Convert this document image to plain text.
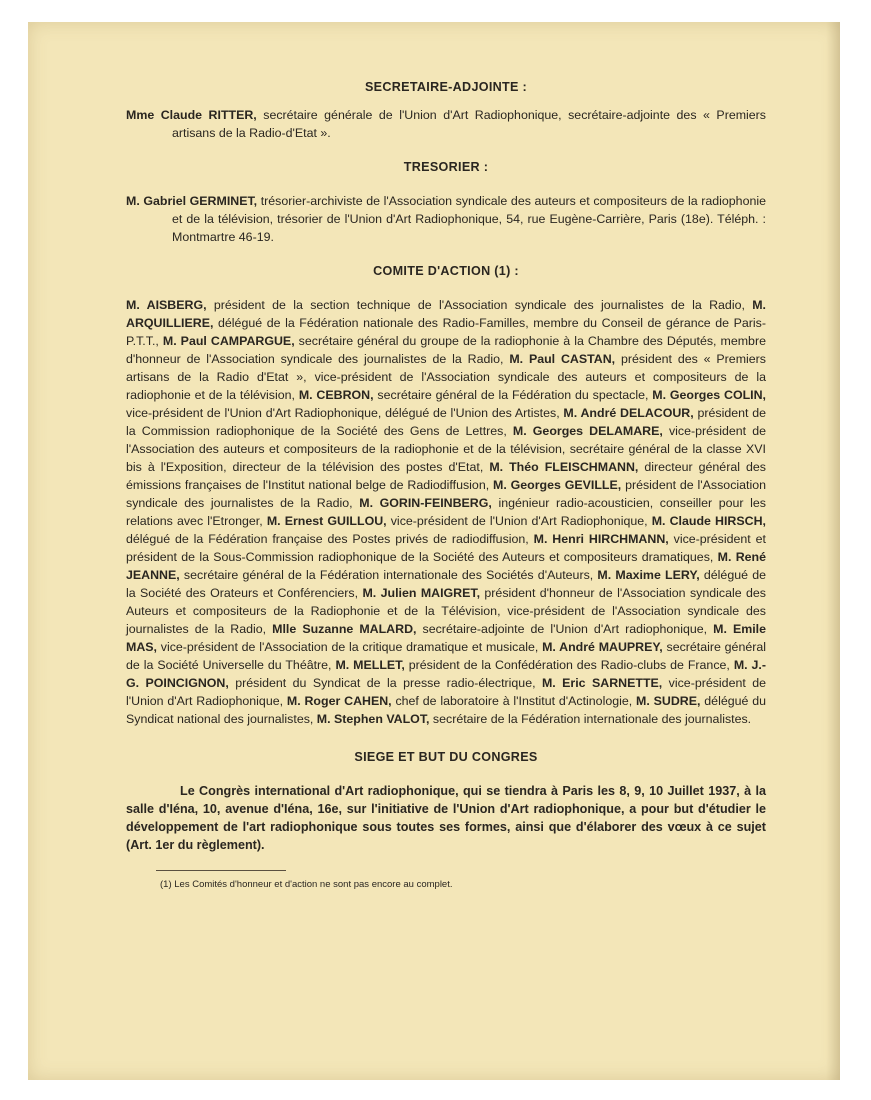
SECRETAIRE-ADJOINTE :

Mme Claude RITTER, secrétaire générale de l'Union d'Art Radiophonique, secrétaire-adjointe des « Premiers artisans de la Radio-d'Etat ».

TRESORIER :

M. Gabriel GERMINET, trésorier-archiviste de l'Association syndicale des auteurs et compositeurs de la radiophonie et de la télévision, trésorier de l'Union d'Art Radiophonique, 54, rue Eugène-Carrière, Paris (18e). Téléph. : Montmartre 46-19.

COMITE D'ACTION (1) :

M. AISBERG, président de la section technique de l'Association syndicale des journalistes de la Radio, M. ARQUILLIERE, délégué de la Fédération nationale des Radio-Familles, membre du Conseil de gérance de Paris-P.T.T., M. Paul CAMPARGUE, secrétaire général du groupe de la radiophonie à la Chambre des Députés, membre d'honneur de l'Association syndicale des journalistes de la Radio, M. Paul CASTAN, président des « Premiers artisans de la Radio d'Etat », vice-président de l'Association syndicale des auteurs et compositeurs de la radiophonie et de la télévision, M. CEBRON, secrétaire général de la Fédération du spectacle, M. Georges COLIN, vice-président de l'Union d'Art Radiophonique, délégué de l'Union des Artistes, M. André DELACOUR, président de la Commission radiophonique de la Société des Gens de Lettres, M. Georges DELAMARE, vice-président de l'Association des auteurs et compositeurs de la radiophonie et de la télévision, secrétaire général de la classe XVI bis à l'Exposition, directeur de la télévision des postes d'Etat, M. Théo FLEISCHMANN, directeur général des émissions françaises de l'Institut national belge de Radiodiffusion, M. Georges GEVILLE, président de l'Association syndicale des journalistes de la Radio, M. GORIN-FEINBERG, ingénieur radio-acousticien, conseiller pour les relations avec l'Etronger, M. Ernest GUILLOU, vice-président de l'Union d'Art Radiophonique, M. Claude HIRSCH, délégué de la Fédération française des Postes privés de radiodiffusion, M. Henri HIRCHMANN, vice-président et président de la Sous-Commission radiophonique de la Société des Auteurs et compositeurs dramatiques, M. René JEANNE, secrétaire général de la Fédération internationale des Sociétés d'Auteurs, M. Maxime LERY, délégué de la Société des Orateurs et Conférenciers, M. Julien MAIGRET, président d'honneur de l'Association syndicale des Auteurs et compositeurs de la Radiophonie et de la Télévision, vice-président de l'Association syndicale des journalistes de la Radio, Mlle Suzanne MALARD, secrétaire-adjointe de l'Union d'Art radiophonique, M. Emile MAS, vice-président de l'Association de la critique dramatique et musicale, M. André MAUPREY, secrétaire général de la Société Universelle du Théâtre, M. MELLET, président de la Confédération des Radio-clubs de France, M. J.-G. POINCIGNON, président du Syndicat de la presse radio-électrique, M. Eric SARNETTE, vice-président de l'Union d'Art Radiophonique, M. Roger CAHEN, chef de laboratoire à l'Institut d'Actinologie, M. SUDRE, délégué du Syndicat national des journalistes, M. Stephen VALOT, secrétaire de la Fédération internationale des journalistes.

SIEGE ET BUT DU CONGRES

Le Congrès international d'Art radiophonique, qui se tiendra à Paris les 8, 9, 10 Juillet 1937, à la salle d'Iéna, 10, avenue d'Iéna, 16e, sur l'initiative de l'Union d'Art radiophonique, a pour but d'étudier le développement de l'art radiophonique sous toutes ses formes, ainsi que d'élaborer des vœux à ce sujet (Art. 1er du règlement).

(1) Les Comités d'honneur et d'action ne sont pas encore au complet.
